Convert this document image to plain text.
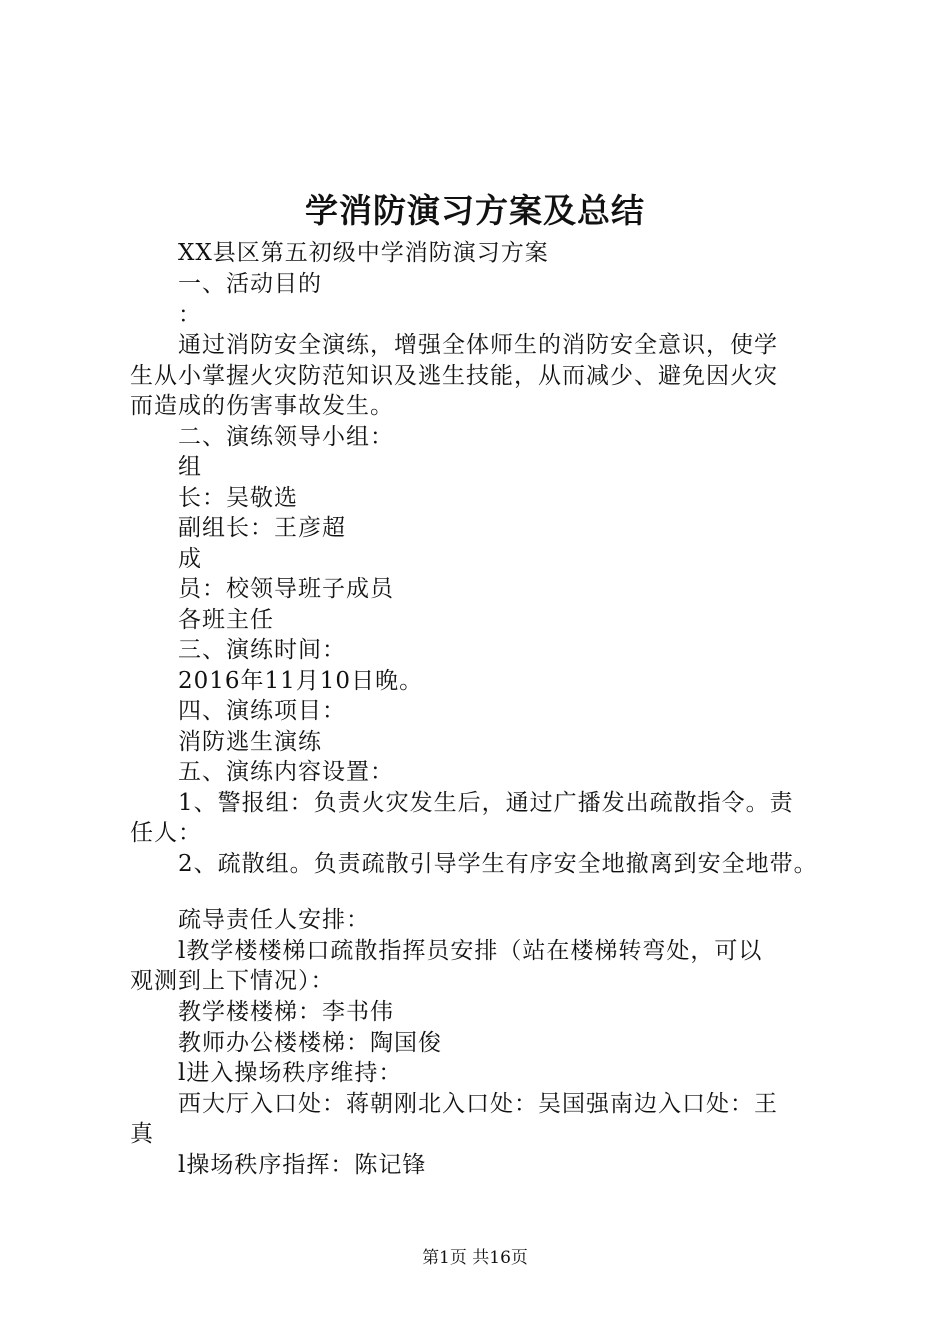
学消防演习方案及总结
XX县区第五初级中学消防演习方案
一、活动目的
：
通过消防安全演练，增强全体师生的消防安全意识，使学
生从小掌握火灾防范知识及逃生技能，从而减少、避免因火灾
而造成的伤害事故发生。
二、演练领导小组：
组
长：吴敬选
副组长：王彦超
成
员：校领导班子成员
各班主任
三、演练时间：
2016年11月10日晚。
四、演练项目：
消防逃生演练
五、演练内容设置：
1、警报组：负责火灾发生后，通过广播发出疏散指令。责
任人：
2、疏散组。负责疏散引导学生有序安全地撤离到安全地带。
疏导责任人安排：
l教学楼楼梯口疏散指挥员安排（站在楼梯转弯处，可以
观测到上下情况）：
教学楼楼梯：李书伟
教师办公楼楼梯：陶国俊
l进入操场秩序维持：
西大厅入口处：蒋朝刚北入口处：吴国强南边入口处：王
真
l操场秩序指挥：陈记锋
第1页 共16页
